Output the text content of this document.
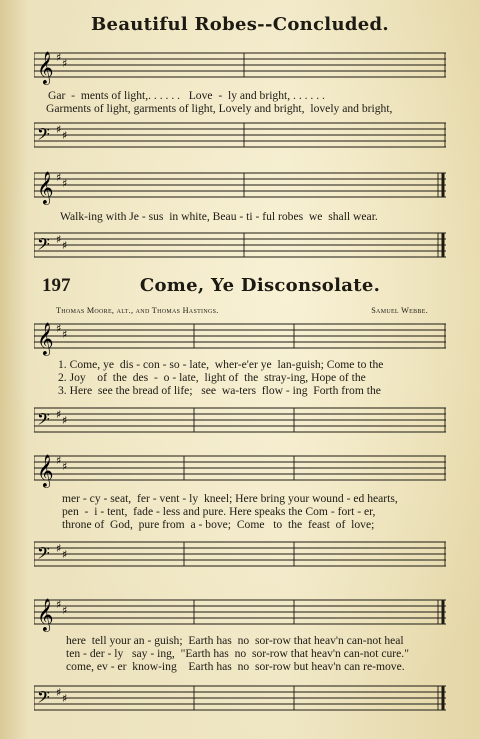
Beautiful Robes--Concluded.
𝄞 ♯ ♯
Gar  -  ments of light,. . . . . .   Love  -  ly and bright, . . . . . .
Garments of light, garments of light, Lovely and bright,  lovely and bright,
𝄢 ♯ ♯
𝄞 ♯ ♯
Walk-ing with Je - sus  in white, Beau - ti - ful robes  we  shall wear.
𝄢 ♯ ♯
197	Come, Ye Disconsolate.
Thomas Moore, alt., and Thomas Hastings.	Samuel Webbe.
𝄞 ♯ ♯
1. Come, ye  dis - con - so - late,  wher-e'er ye  lan-guish; Come to the
2. Joy    of  the  des  -  o - late,  light of  the  stray-ing, Hope of the
3. Here  see the bread of life;   see  wa-ters  flow - ing  Forth from the
𝄢 ♯ ♯
𝄞 ♯ ♯
mer - cy - seat,  fer - vent - ly  kneel; Here bring your wound - ed hearts,
pen  -  i - tent,  fade - less and pure. Here speaks the Com - fort - er,
throne of  God,  pure from  a - bove;  Come   to  the  feast  of  love;
𝄢 ♯ ♯
𝄞 ♯ ♯
here  tell your an - guish;  Earth has  no  sor-row that heav'n can-not heal
ten - der - ly   say - ing,  "Earth has  no  sor-row that heav'n can-not cure."
come, ev - er  know-ing    Earth has  no  sor-row but heav'n can re-move.
𝄢 ♯ ♯
